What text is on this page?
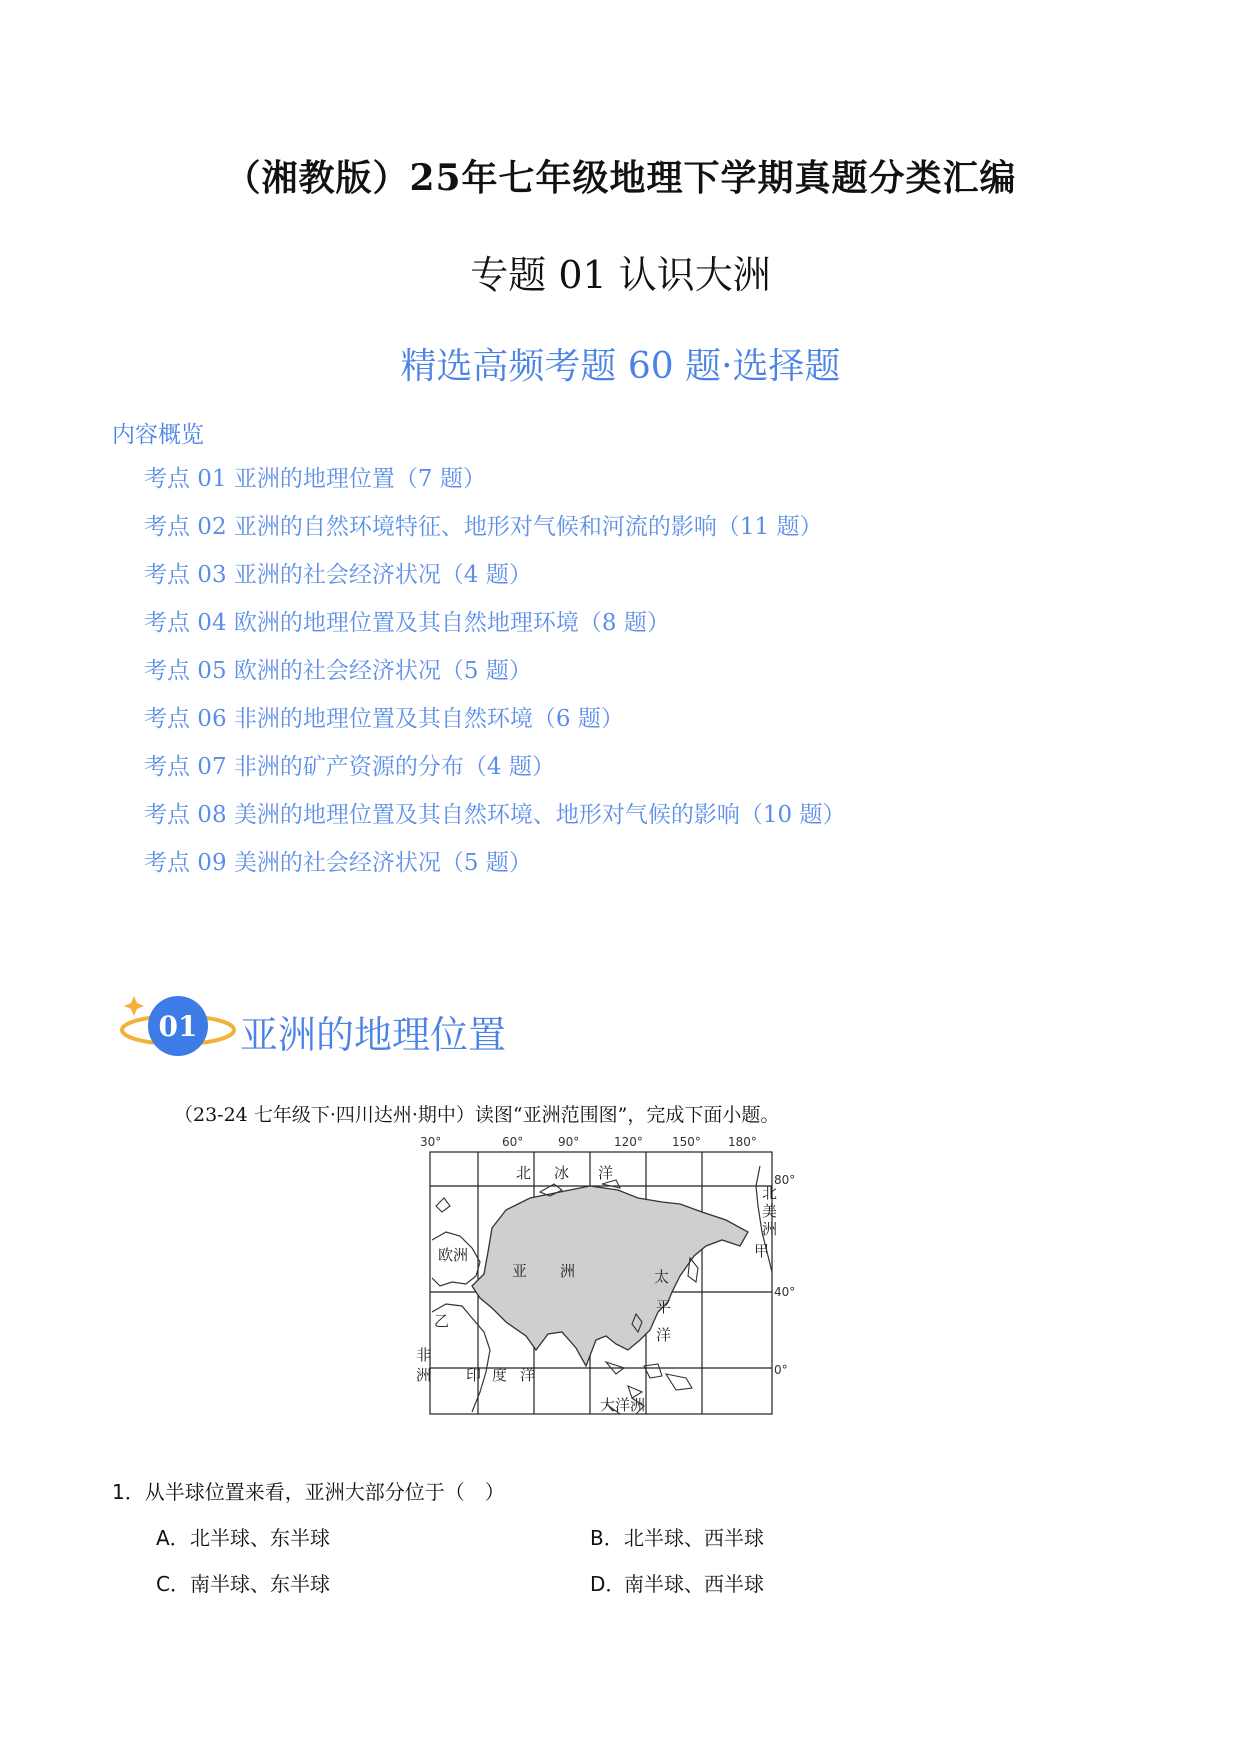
（湘教版）25年七年级地理下学期真题分类汇编
专题 01 认识大洲
精选高频考题 60 题·选择题
内容概览
考点 01 亚洲的地理位置（7 题）
考点 02 亚洲的自然环境特征、地形对气候和河流的影响（11 题）
考点 03 亚洲的社会经济状况（4 题）
考点 04 欧洲的地理位置及其自然地理环境（8 题）
考点 05 欧洲的社会经济状况（5 题）
考点 06 非洲的地理位置及其自然环境（6 题）
考点 07 非洲的矿产资源的分布（4 题）
考点 08 美洲的地理位置及其自然环境、地形对气候的影响（10 题）
考点 09 美洲的社会经济状况（5 题）
01 亚洲的地理位置
（23-24 七年级下·四川达州·期中）读图“亚洲范围图”，完成下面小题。
30°	60°	90°	120° 150° 180°
80°
40°
0°
北 冰 洋
北
美
洲
甲
欧洲
亚 洲	太
平
洋
乙
非
洲 印 度 洋
大洋洲
1．从半球位置来看，亚洲大部分位于（　）
A．北半球、东半球	B．北半球、西半球
C．南半球、东半球	D．南半球、西半球
